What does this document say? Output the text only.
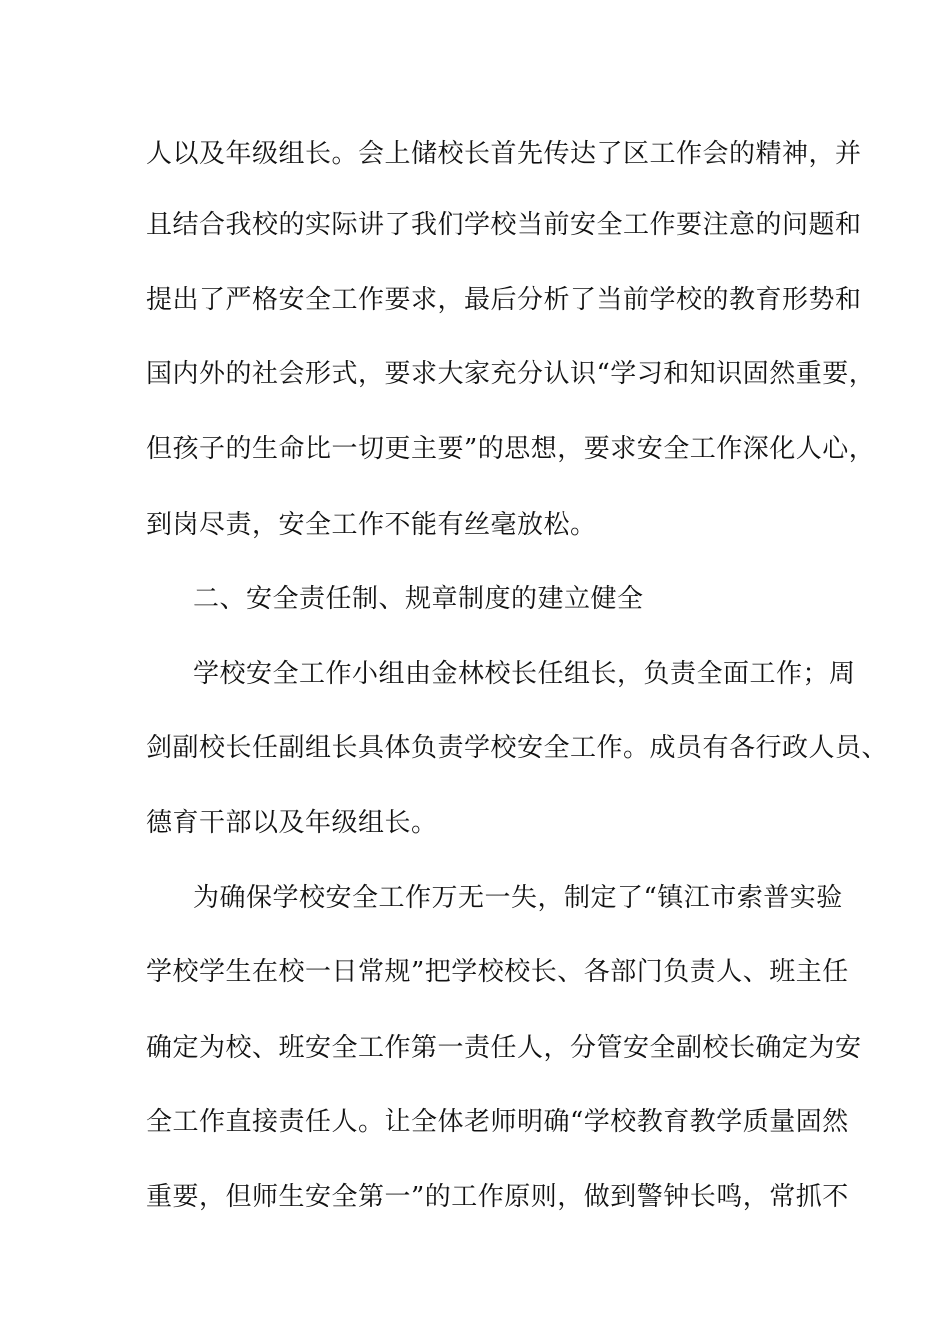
人以及年级组长。会上储校长首先传达了区工作会的精神，并
且结合我校的实际讲了我们学校当前安全工作要注意的问题和
提出了严格安全工作要求，最后分析了当前学校的教育形势和
国内外的社会形式，要求大家充分认识“学习和知识固然重要，
但孩子的生命比一切更主要”的思想，要求安全工作深化人心，
到岗尽责，安全工作不能有丝毫放松。
二、安全责任制、规章制度的建立健全
学校安全工作小组由金林校长任组长，负责全面工作；周
剑副校长任副组长具体负责学校安全工作。成员有各行政人员、
德育干部以及年级组长。
为确保学校安全工作万无一失，制定了“镇江市索普实验
学校学生在校一日常规”把学校校长、各部门负责人、班主任
确定为校、班安全工作第一责任人，分管安全副校长确定为安
全工作直接责任人。让全体老师明确“学校教育教学质量固然
重要，但师生安全第一”的工作原则，做到警钟长鸣，常抓不
